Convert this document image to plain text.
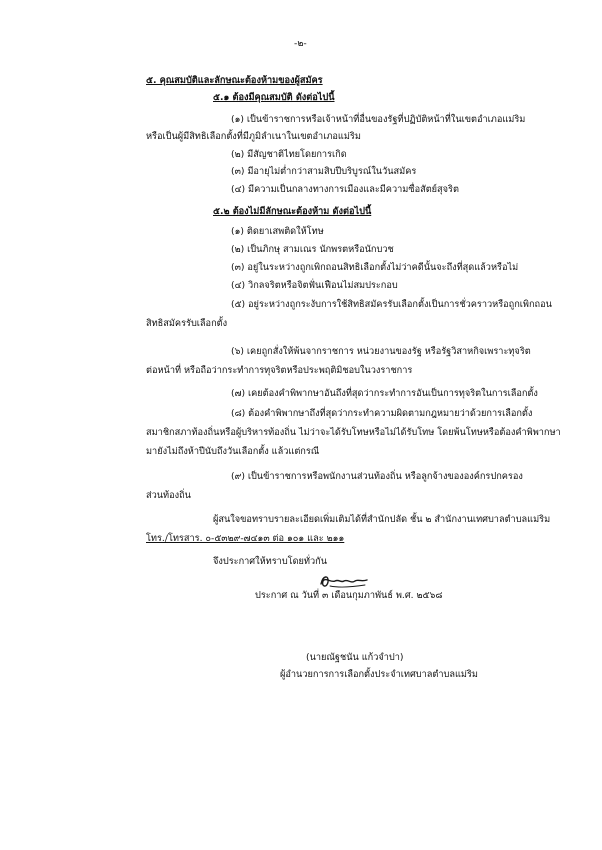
-๒-
๕. คุณสมบัติและลักษณะต้องห้ามของผู้สมัคร
๕.๑ ต้องมีคุณสมบัติ ดังต่อไปนี้
(๑) เป็นข้าราชการหรือเจ้าหน้าที่อื่นของรัฐที่ปฏิบัติหน้าที่ในเขตอำเภอแม่ริม
หรือเป็นผู้มีสิทธิเลือกตั้งที่มีภูมิลำเนาในเขตอำเภอแม่ริม
(๒) มีสัญชาติไทยโดยการเกิด
(๓) มีอายุไม่ต่ำกว่าสามสิบปีบริบูรณ์ในวันสมัคร
(๔) มีความเป็นกลางทางการเมืองและมีความซื่อสัตย์สุจริต
๕.๒ ต้องไม่มีลักษณะต้องห้าม ดังต่อไปนี้
(๑) ติดยาเสพติดให้โทษ
(๒) เป็นภิกษุ สามเณร นักพรตหรือนักบวช
(๓) อยู่ในระหว่างถูกเพิกถอนสิทธิเลือกตั้งไม่ว่าคดีนั้นจะถึงที่สุดแล้วหรือไม่
(๔) วิกลจริตหรือจิตฟั่นเฟือนไม่สมประกอบ
(๕) อยู่ระหว่างถูกระงับการใช้สิทธิสมัครรับเลือกตั้งเป็นการชั่วคราวหรือถูกเพิกถอน
สิทธิสมัครรับเลือกตั้ง
(๖) เคยถูกสั่งให้พ้นจากราชการ หน่วยงานของรัฐ หรือรัฐวิสาหกิจเพราะทุจริต
ต่อหน้าที่ หรือถือว่ากระทำการทุจริตหรือประพฤติมิชอบในวงราชการ
(๗) เคยต้องคำพิพากษาอันถึงที่สุดว่ากระทำการอันเป็นการทุจริตในการเลือกตั้ง
(๘) ต้องคำพิพากษาถึงที่สุดว่ากระทำความผิดตามกฎหมายว่าด้วยการเลือกตั้ง
สมาชิกสภาท้องถิ่นหรือผู้บริหารท้องถิ่น ไม่ว่าจะได้รับโทษหรือไม่ได้รับโทษ โดยพ้นโทษหรือต้องคำพิพากษา
มายังไม่ถึงห้าปีนับถึงวันเลือกตั้ง แล้วแต่กรณี
(๙) เป็นข้าราชการหรือพนักงานส่วนท้องถิ่น หรือลูกจ้างขององค์กรปกครอง
ส่วนท้องถิ่น
ผู้สนใจขอทราบรายละเอียดเพิ่มเติมได้ที่สำนักปลัด ชั้น ๒ สำนักงานเทศบาลตำบลแม่ริม
โทร./โทรสาร. ๐-๕๓๒๙-๗๔๑๓ ต่อ ๑๐๑ และ ๒๑๑
จึงประกาศให้ทราบโดยทั่วกัน
ประกาศ ณ วันที่ ๓ เดือนกุมภาพันธ์ พ.ศ. ๒๕๖๘
(นายณัฐชนัน แก้วจำปา)
ผู้อำนวยการการเลือกตั้งประจำเทศบาลตำบลแม่ริม
